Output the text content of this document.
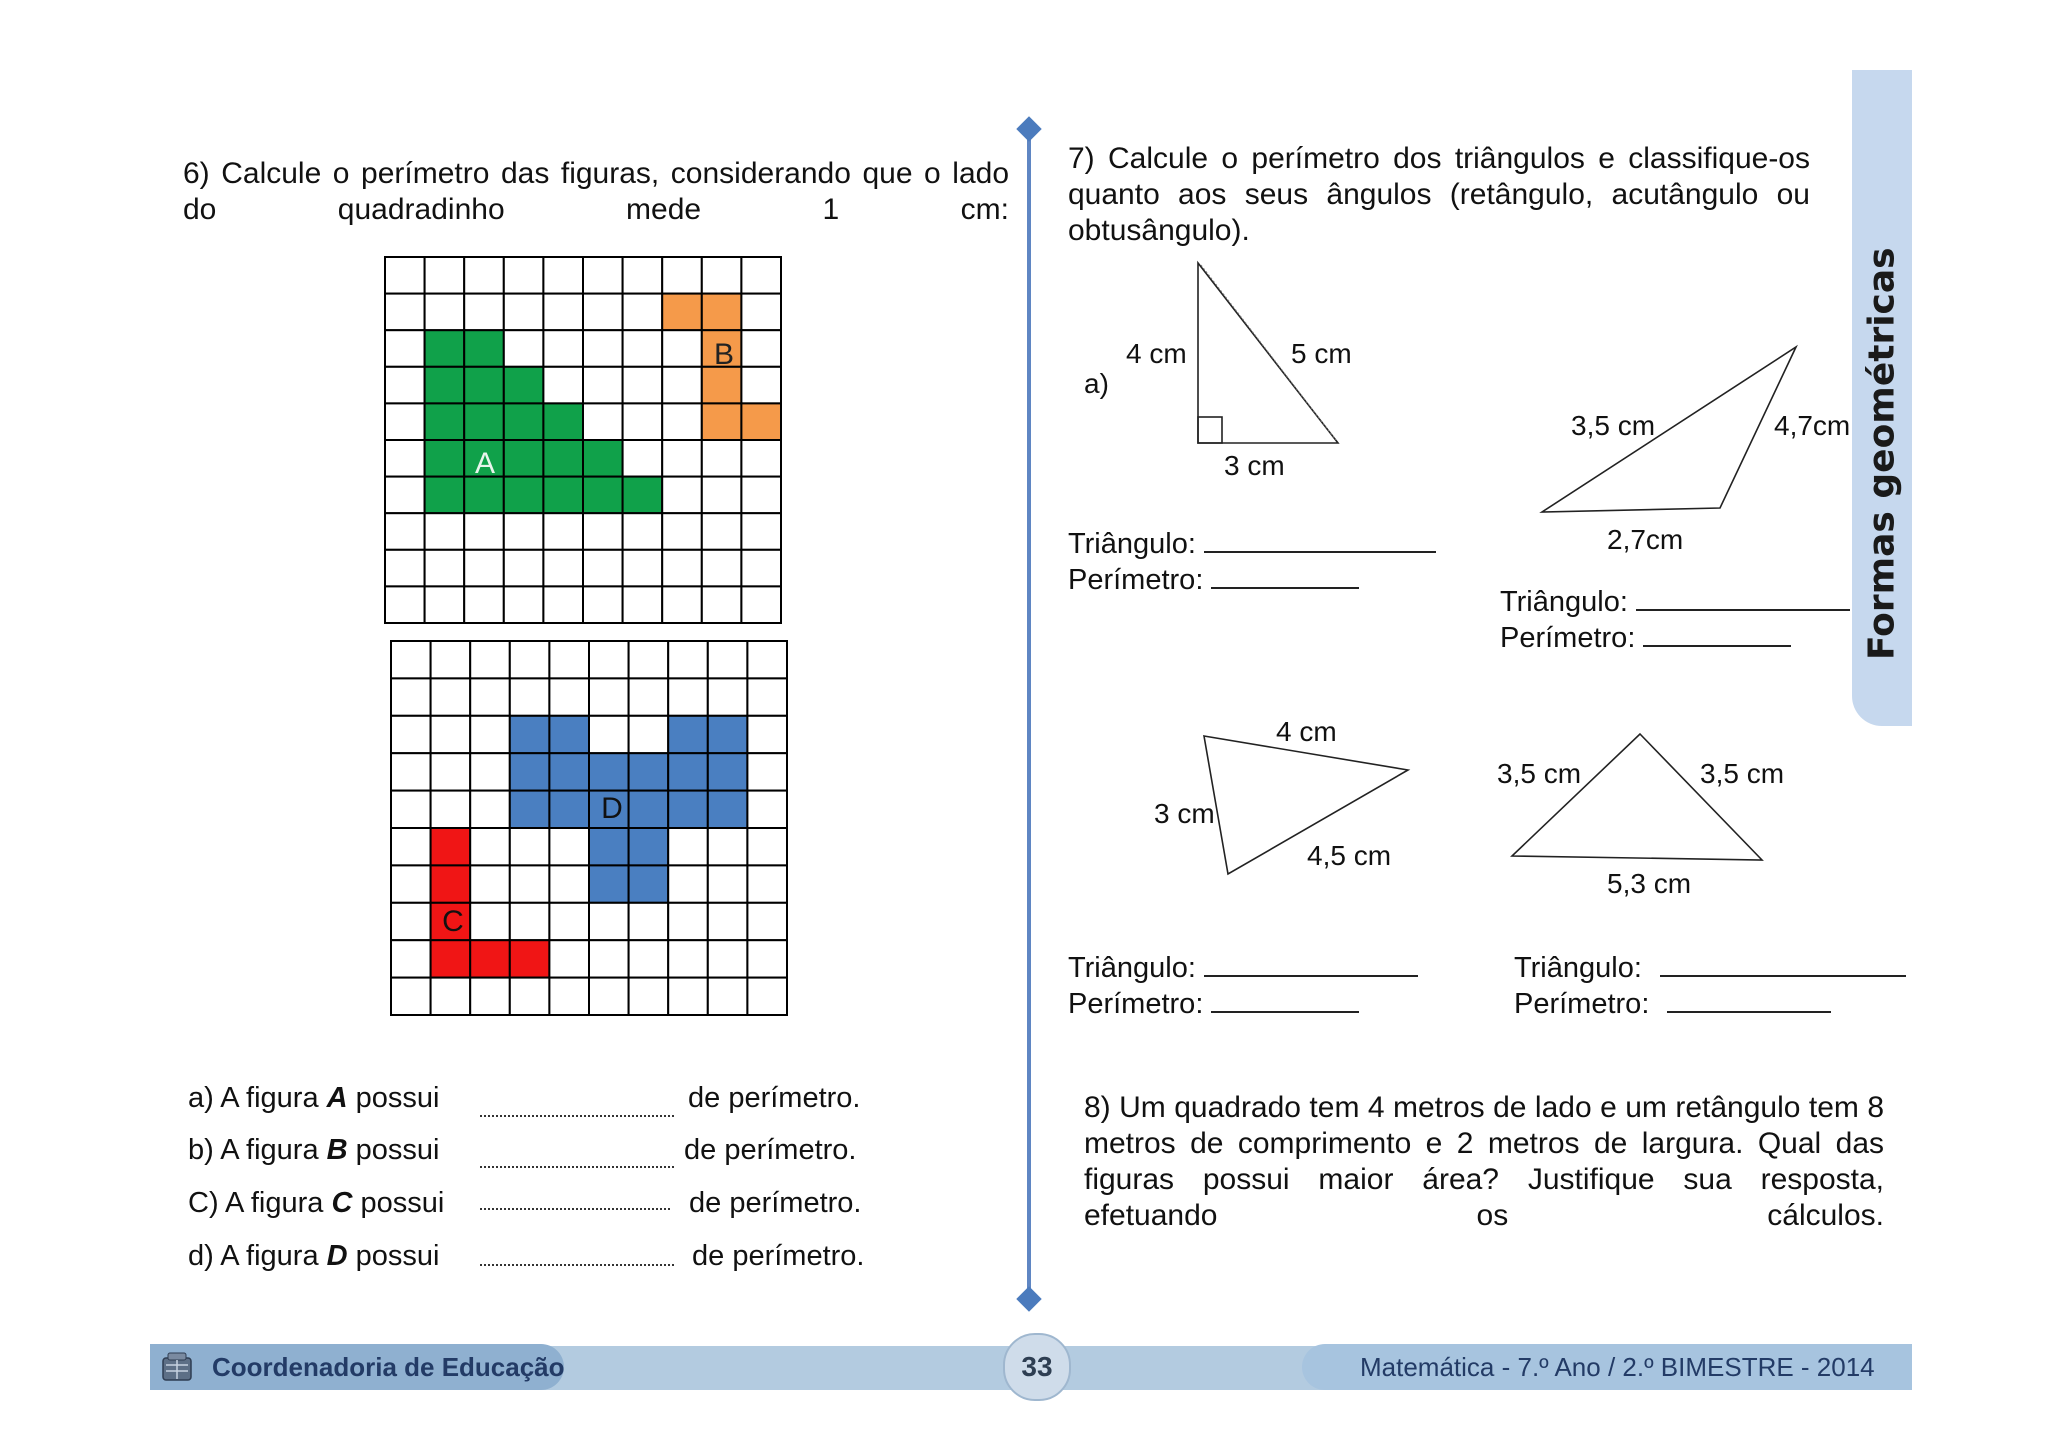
6) Calcule o perímetro das figuras, considerando que o lado do quadradinho mede 1 cm:
A
B
D
C
a) A figura A possui	de perímetro.
b) A figura B possui	de perímetro.
C) A figura C possui	de perímetro.
d) A figura D possui	de perímetro.
7) Calcule o perímetro dos triângulos e classifique-os quanto aos seus ângulos (retângulo, acutângulo ou obtusângulo).
a)
4 cm	5 cm
3 cm
Triângulo:
Perímetro:
3,5 cm	4,7cm
2,7cm
Triângulo:
Perímetro:
4 cm
3 cm
4,5 cm
Triângulo:
Perímetro:
3,5 cm	3,5 cm
5,3 cm
Triângulo:
Perímetro:
8) Um quadrado tem 4 metros de lado e um retângulo tem 8 metros de comprimento e 2 metros de largura. Qual das figuras possui maior área? Justifique sua resposta, efetuando os cálculos.
Formas geométricas
Coordenadoria de Educação	33	Matemática - 7.º Ano / 2.º BIMESTRE - 2014
